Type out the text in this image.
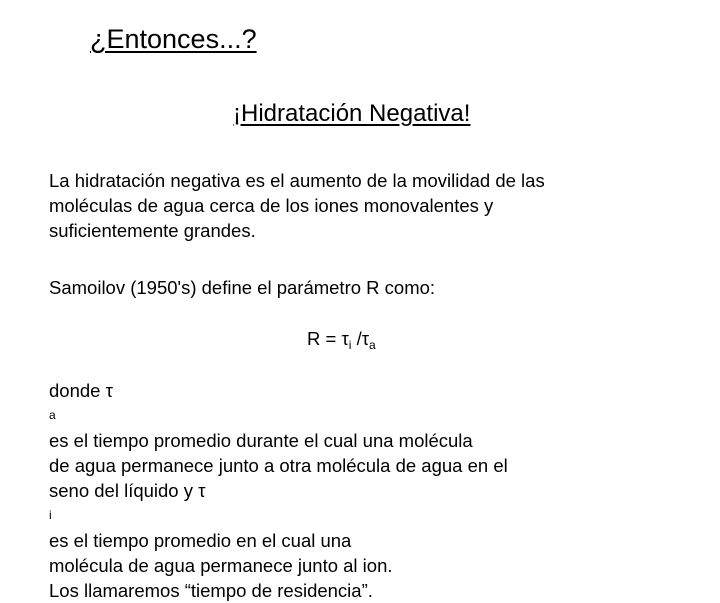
¿Entonces...?
¡Hidratación Negativa!
La hidratación negativa es el aumento de la movilidad de las
moléculas de agua cerca de los iones monovalentes y
suficientemente grandes.
Samoilov (1950's) define el parámetro R como:
$R = \tau_i$ $/\tau_a$
donde τ
a
es el tiempo promedio durante el cual una molécula
de agua permanece junto a otra molécula de agua en el
seno del líquido y τ
i
es el tiempo promedio en el cual una
molécula de agua permanece junto al ion.
Los llamaremos “tiempo de residencia”.
